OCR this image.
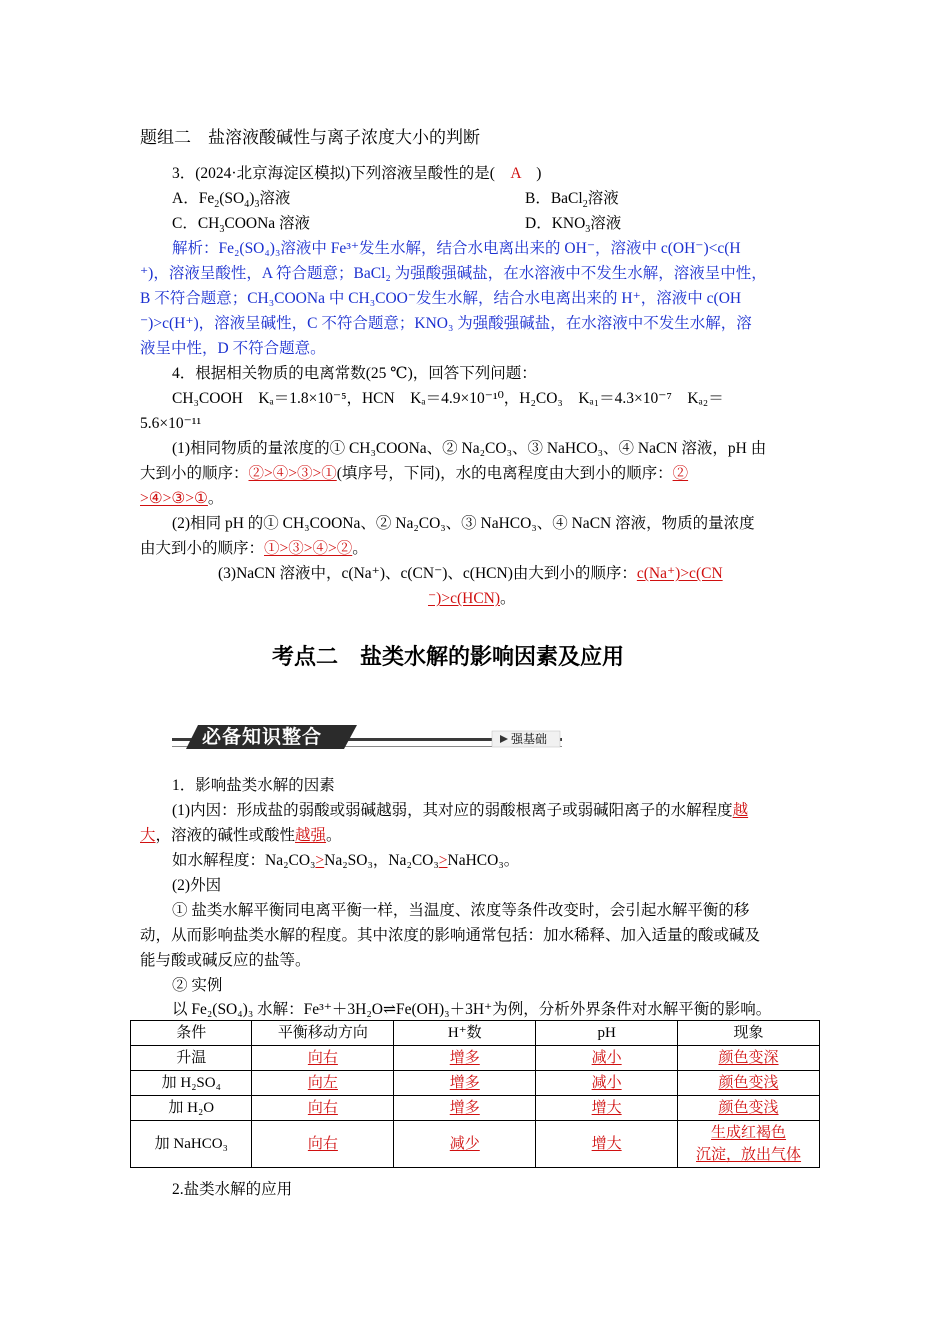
题组二　盐溶液酸碱性与离子浓度大小的判断
3．(2024·北京海淀区模拟)下列溶液呈酸性的是(　A　)
A．$Fe_2(SO_4)_3$溶液	B．BaCl$_2$溶液
C．$CH_3COONa$ 溶液	D．$KNO_3$溶液
解析：Fe₂(SO₄)₃溶液中 Fe³⁺发生水解，结合水电离出来的 OH⁻，溶液中 c(OH⁻)<c(H
⁺)，溶液呈酸性，A 符合题意；BaCl₂ 为强酸强碱盐，在水溶液中不发生水解，溶液呈中性，
B 不符合题意；CH₃COONa 中 CH₃COO⁻发生水解，结合水电离出来的 H⁺，溶液中 c(OH
⁻)>c(H⁺)，溶液呈碱性，C 不符合题意；KNO₃ 为强酸强碱盐，在水溶液中不发生水解，溶
液呈中性，D 不符合题意。
4．根据相关物质的电离常数(25 ℃)，回答下列问题：
CH₃COOH　Kₐ＝1.8×10⁻⁵，HCN　Kₐ＝4.9×10⁻¹⁰，H₂CO₃　Kₐ₁＝4.3×10⁻⁷　Kₐ₂＝
5.6×10⁻¹¹
(1)相同物质的量浓度的① CH₃COONa、② Na₂CO₃、③ NaHCO₃、④ NaCN 溶液，pH 由
大到小的顺序：②>④>③>①(填序号，下同)，水的电离程度由大到小的顺序：②
>④>③>①。
(2)相同 pH 的① CH₃COONa、② Na₂CO₃、③ NaHCO₃、④ NaCN 溶液，物质的量浓度
由大到小的顺序：①>③>④>②。
(3)NaCN 溶液中，c(Na⁺)、c(CN⁻)、c(HCN)由大到小的顺序：c(Na⁺)>c(CN
⁻)>c(HCN)。
考点二　盐类水解的影响因素及应用
必备知识整合	强基础
1．影响盐类水解的因素
(1)内因：形成盐的弱酸或弱碱越弱，其对应的弱酸根离子或弱碱阳离子的水解程度越
大，溶液的碱性或酸性越强。
如水解程度：Na₂CO₃>Na₂SO₃，Na₂CO₃>NaHCO₃。
(2)外因
① 盐类水解平衡同电离平衡一样，当温度、浓度等条件改变时，会引起水解平衡的移
动，从而影响盐类水解的程度。其中浓度的影响通常包括：加水稀释、加入适量的酸或碱及
能与酸或碱反应的盐等。
② 实例
以 Fe₂(SO₄)₃ 水解：Fe³⁺＋3H₂O⇌Fe(OH)₃＋3H⁺为例，分析外界条件对水解平衡的影响。
条件	平衡移动方向	H⁺数	pH	现象
升温	向右	增多	减小	颜色变深
加 H₂SO₄	向左	增多	减小	颜色变浅
加 H₂O	向右	增多	增大	颜色变浅
加 NaHCO₃	向右	减少	增大	生成红褐色
沉淀，放出气体
2.盐类水解的应用
